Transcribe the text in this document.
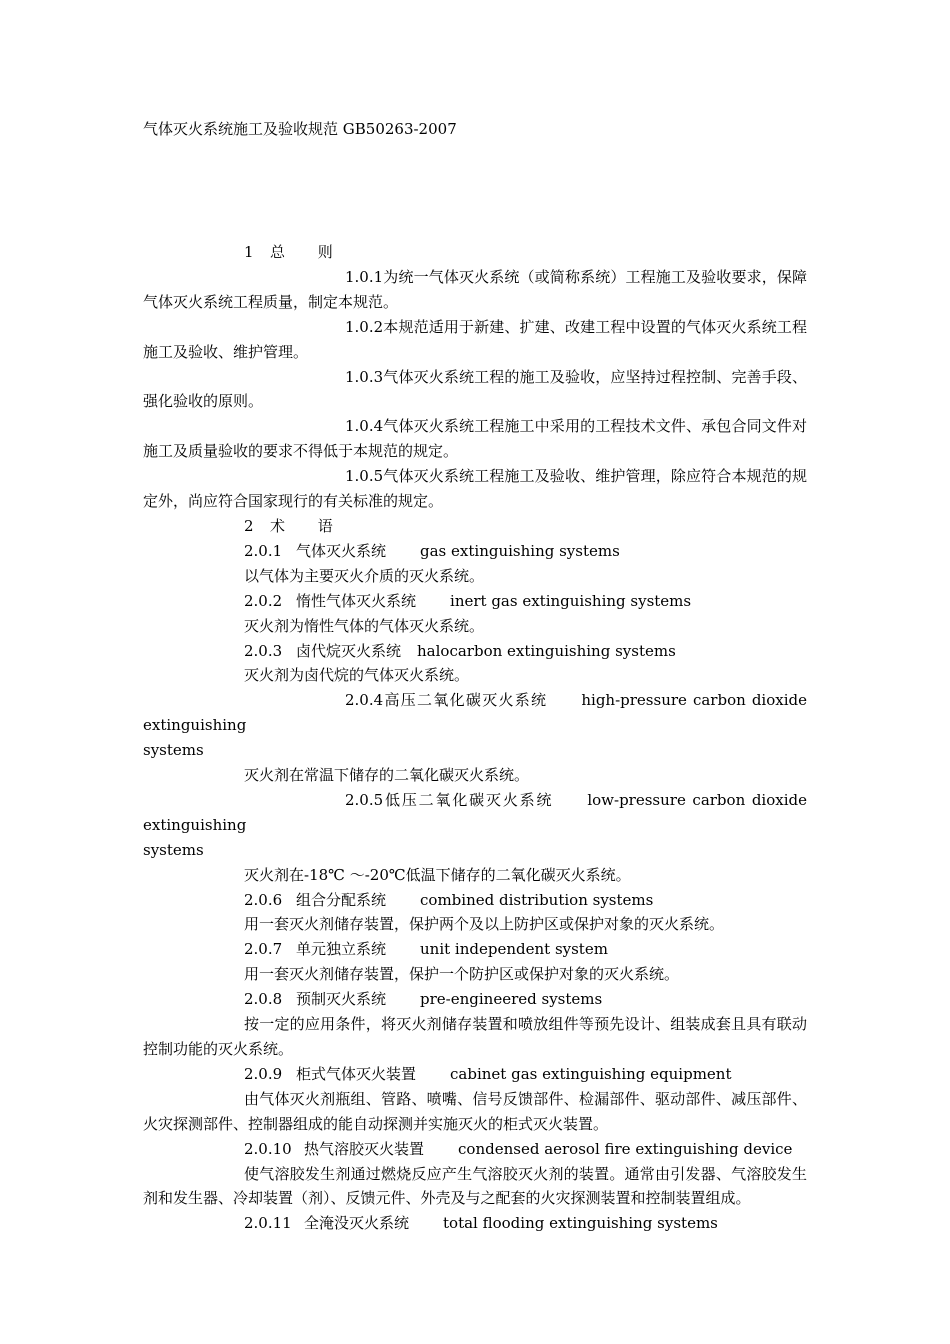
气体灭火系统施工及验收规范 GB50263-2007

1 总 则

1.0.1为统一气体灭火系统（或简称系统）工程施工及验收要求，保障气体灭火系统工程质量，制定本规范。

1.0.2本规范适用于新建、扩建、改建工程中设置的气体灭火系统工程施工及验收、维护管理。

1.0.3气体灭火系统工程的施工及验收，应坚持过程控制、完善手段、强化验收的原则。

1.0.4气体灭火系统工程施工中采用的工程技术文件、承包合同文件对施工及质量验收的要求不得低于本规范的规定。

1.0.5气体灭火系统工程施工及验收、维护管理，除应符合本规范的规定外，尚应符合国家现行的有关标准的规定。

2 术 语

2.0.1 气体灭火系统 gas extinguishing systems

以气体为主要灭火介质的灭火系统。

2.0.2 惰性气体灭火系统 inert gas extinguishing systems

灭火剂为惰性气体的气体灭火系统。

2.0.3 卤代烷灭火系统 halocarbon extinguishing systems

灭火剂为卤代烷的气体灭火系统。

2.0.4高压二氧化碳灭火系统 high-pressure carbon dioxide extinguishing

systems

灭火剂在常温下储存的二氧化碳灭火系统。

2.0.5低压二氧化碳灭火系统 low-pressure carbon dioxide extinguishing

systems

灭火剂在-18℃ ～-20℃低温下储存的二氧化碳灭火系统。

2.0.6 组合分配系统 combined distribution systems

用一套灭火剂储存装置，保护两个及以上防护区或保护对象的灭火系统。

2.0.7 单元独立系统 unit independent system

用一套灭火剂储存装置，保护一个防护区或保护对象的灭火系统。

2.0.8 预制灭火系统 pre-engineered systems

按一定的应用条件，将灭火剂储存装置和喷放组件等预先设计、组装成套且具有联动控制功能的灭火系统。

2.0.9 柜式气体灭火装置 cabinet gas extinguishing equipment

由气体灭火剂瓶组、管路、喷嘴、信号反馈部件、检漏部件、驱动部件、减压部件、火灾探测部件、控制器组成的能自动探测并实施灭火的柜式灭火装置。

2.0.10 热气溶胶灭火装置 condensed aerosol fire extinguishing device

使气溶胶发生剂通过燃烧反应产生气溶胶灭火剂的装置。通常由引发器、气溶胶发生剂和发生器、冷却装置（剂）、反馈元件、外壳及与之配套的火灾探测装置和控制装置组成。

2.0.11 全淹没灭火系统 total flooding extinguishing systems
